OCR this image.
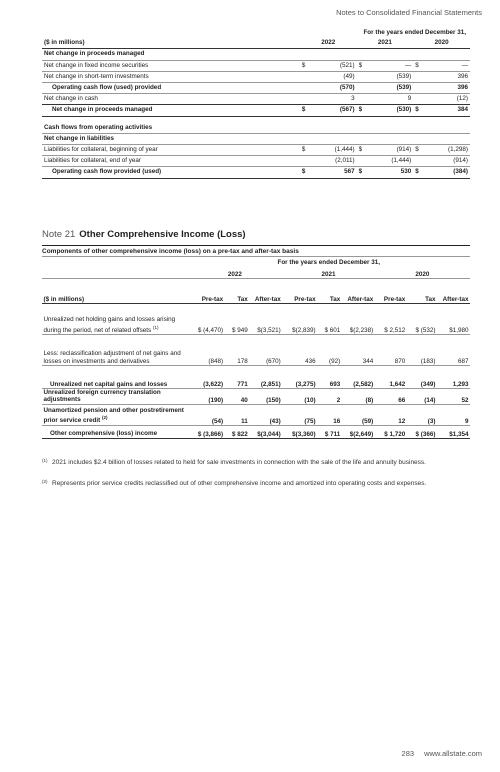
Notes to Consolidated Financial Statements
	For the years ended December 31,					
($ in millions)	2022		2021		2020	
Net change in proceeds managed						
Net change in fixed income securities	$	(521)	$	—	$	—
Net change in short-term investments		(49)		(539)		396
Operating cash flow (used) provided		(570)		(539)		396
Net change in cash		3		9		(12)
Net change in proceeds managed	$	(567)	$	(530)	$	384

Cash flows from operating activities						
Net change in liabilities						
Liabilities for collateral, beginning of year	$	(1,444)	$	(914)	$	(1,298)
Liabilities for collateral, end of year		(2,011)		(1,444)		(914)
Operating cash flow provided (used)	$	567	$	530	$	(384)
Note 21 Other Comprehensive Income (Loss)
Components of other comprehensive income (loss) on a pre-tax and after-tax basis
	For the years ended December 31,								
	2022			2021			2020		
($ in millions)	Pre-tax	Tax	After-tax	Pre-tax	Tax	After-tax	Pre-tax	Tax	After-tax
Unrealized net holding gains and losses arising during the period, net of related offsets $^{(1)}$	$ (4,470)	$ 949	$(3,521)	$(2,839)	$ 601	$(2,238)	$ 2,512	$ (532)	$1,980
Less: reclassification adjustment of net gains and losses on investments and derivatives	(848)	178	(670)	436	(92)	344	870	(183)	687
Unrealized net capital gains and losses	(3,622)	771	(2,851)	(3,275)	693	(2,582)	1,642	(349)	1,293
Unrealized foreign currency translation adjustments	(190)	40	(150)	(10)	2	(8)	66	(14)	52
Unamortized pension and other postretirement prior service credit $^{(2)}$	(54)	11	(43)	(75)	16	(59)	12	(3)	9
Other comprehensive (loss) income	$ (3,866)	$ 822	$(3,044)	$(3,360)	$ 711	$(2,649)	$ 1,720	$ (366)	$1,354
(1) 2021 includes $2.4 billion of losses related to held for sale investments in connection with the sale of the life and annuity business.
(2) Represents prior service credits reclassified out of other comprehensive income and amortized into operating costs and expenses.
283 www.allstate.com
